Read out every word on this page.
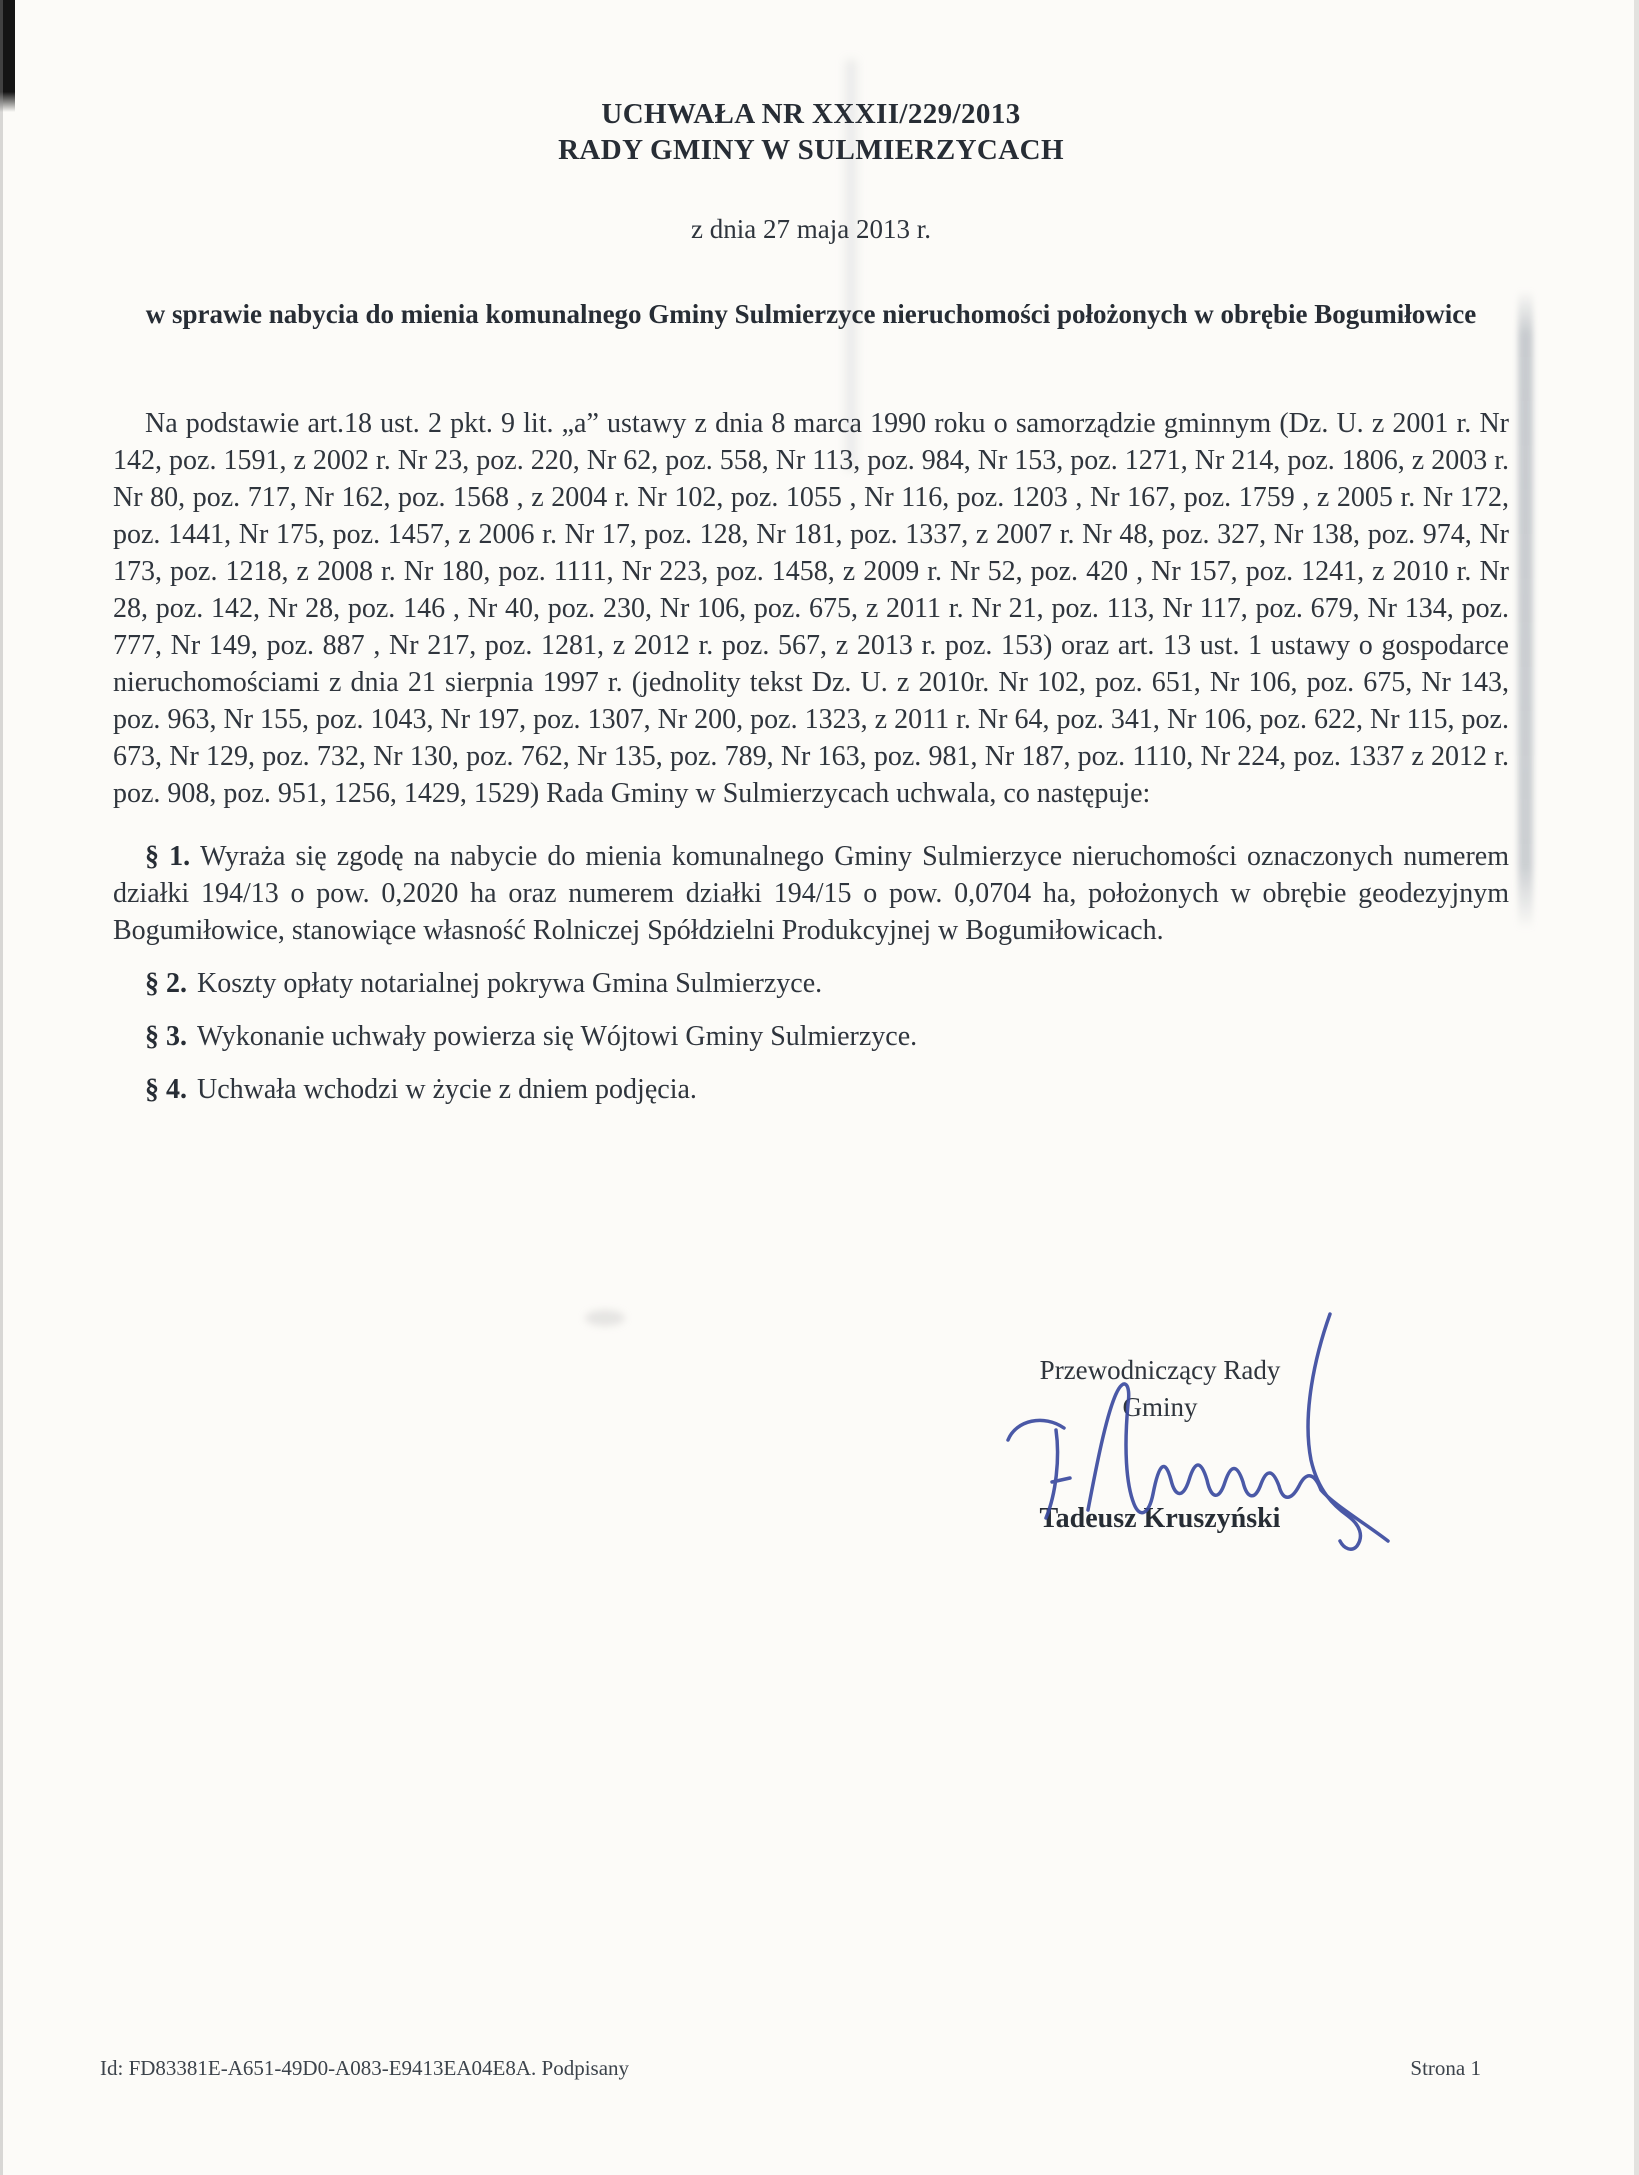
UCHWAŁA NR XXXII/229/2013
RADY GMINY W SULMIERZYCACH
z dnia 27 maja 2013 r.
w sprawie nabycia do mienia komunalnego Gminy Sulmierzyce nieruchomości położonych w obrębie Bogumiłowice

Na podstawie art.18 ust. 2 pkt. 9 lit. „a” ustawy z dnia 8 marca 1990 roku o samorządzie gminnym (Dz. U. z 2001 r. Nr 142, poz. 1591, z 2002 r. Nr 23, poz. 220, Nr 62, poz. 558, Nr 113, poz. 984, Nr 153, poz. 1271, Nr 214, poz. 1806, z 2003 r. Nr 80, poz. 717, Nr 162, poz. 1568 , z 2004 r. Nr 102, poz. 1055 , Nr 116, poz. 1203 , Nr 167, poz. 1759 , z 2005 r. Nr 172, poz. 1441, Nr 175, poz. 1457, z 2006 r. Nr 17, poz. 128, Nr 181, poz. 1337, z 2007 r. Nr 48, poz. 327, Nr 138, poz. 974, Nr 173, poz. 1218, z 2008 r. Nr 180, poz. 1111, Nr 223, poz. 1458, z 2009 r. Nr 52, poz. 420 , Nr 157, poz. 1241, z 2010 r. Nr 28, poz. 142, Nr 28, poz. 146 , Nr 40, poz. 230, Nr 106, poz. 675, z 2011 r. Nr 21, poz. 113, Nr 117, poz. 679, Nr 134, poz. 777, Nr 149, poz. 887 , Nr 217, poz. 1281, z 2012 r. poz. 567, z 2013 r. poz. 153) oraz art. 13 ust. 1 ustawy o gospodarce nieruchomościami z dnia 21 sierpnia 1997 r. (jednolity tekst Dz. U. z 2010r. Nr 102, poz. 651, Nr 106, poz. 675, Nr 143, poz. 963, Nr 155, poz. 1043, Nr 197, poz. 1307, Nr 200, poz. 1323, z 2011 r. Nr 64, poz. 341, Nr 106, poz. 622, Nr 115, poz. 673, Nr 129, poz. 732, Nr 130, poz. 762, Nr 135, poz. 789, Nr 163, poz. 981, Nr 187, poz. 1110, Nr 224, poz. 1337 z 2012 r. poz. 908, poz. 951, 1256, 1429, 1529) Rada Gminy w Sulmierzycach uchwala, co następuje:

§ 1. Wyraża się zgodę na nabycie do mienia komunalnego Gminy Sulmierzyce nieruchomości oznaczonych numerem działki 194/13 o pow. 0,2020 ha oraz numerem działki 194/15 o pow. 0,0704 ha, położonych w obrębie geodezyjnym Bogumiłowice, stanowiące własność Rolniczej Spółdzielni Produkcyjnej w Bogumiłowicach.

§ 2. Koszty opłaty notarialnej pokrywa Gmina Sulmierzyce.

§ 3. Wykonanie uchwały powierza się Wójtowi Gminy Sulmierzyce.

§ 4. Uchwała wchodzi w życie z dniem podjęcia.

Przewodniczący Rady
Gminy
Tadeusz Kruszyński
Id: FD83381E-A651-49D0-A083-E9413EA04E8A. Podpisany	Strona 1
